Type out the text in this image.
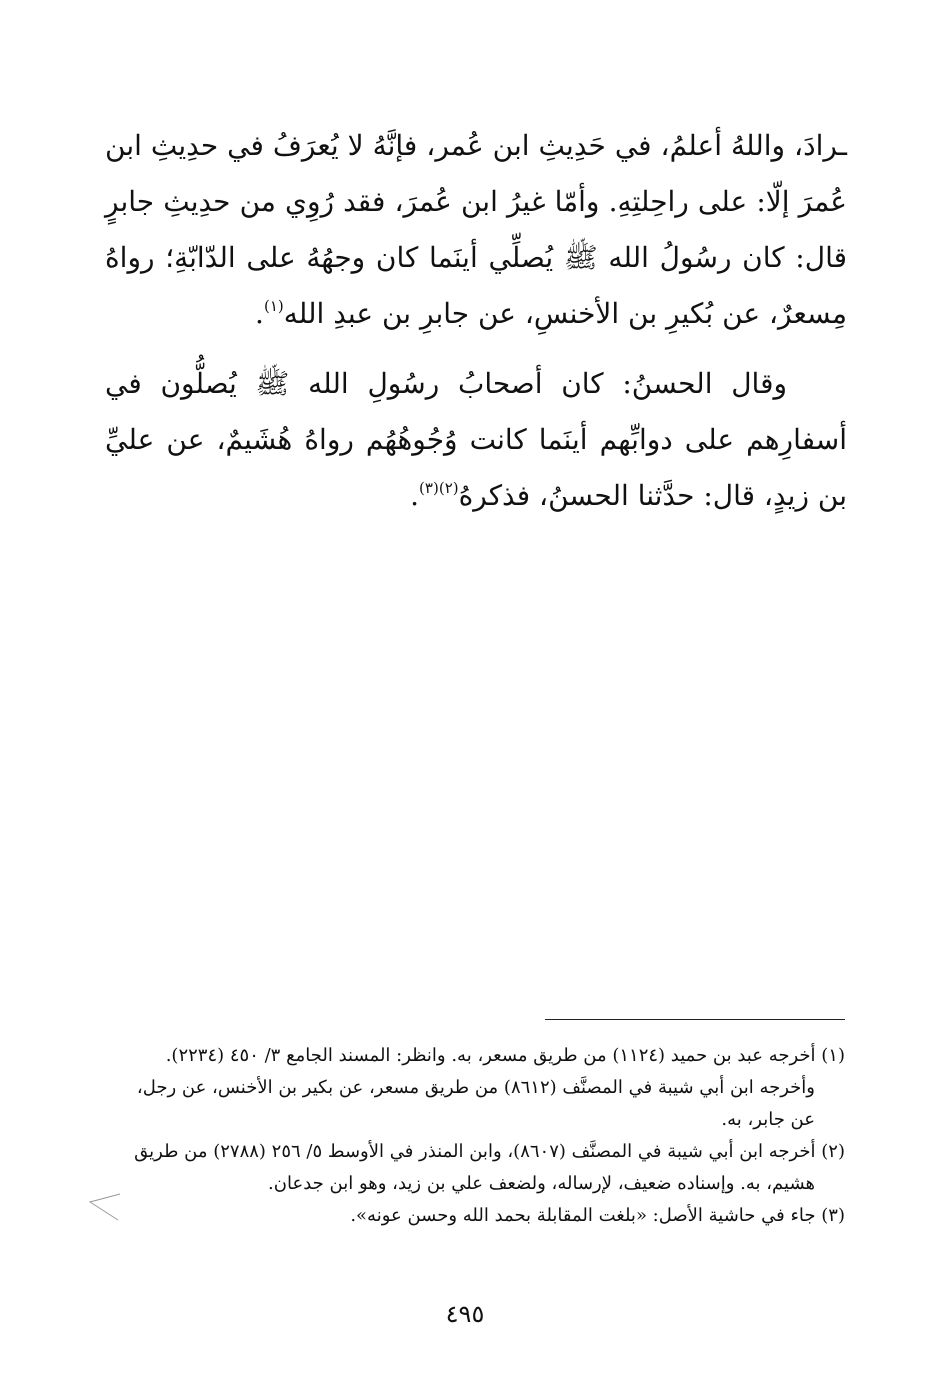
ـرادَ، واللهُ أعلمُ، في حَدِيثِ ابن عُمر، فإنَّهُ لا يُعرَفُ في حدِيثِ ابن عُمرَ إلّا: على راحِلتِهِ. وأمّا غيرُ ابن عُمرَ، فقد رُوِي من حدِيثِ جابرٍ قال: كان رسُولُ الله ﷺ يُصلِّي أينَما كان وجهُهُ على الدّابّةِ؛ رواهُ مِسعرٌ، عن بُكيرِ بن الأخنسِ، عن جابرِ بن عبدِ الله$^{(١)}$.

وقال الحسنُ: كان أصحابُ رسُولِ الله ﷺ يُصلُّون في أسفارِهم على دوابِّهم أينَما كانت وُجُوهُهُم رواهُ هُشَيمٌ، عن عليِّ بن زيدٍ، قال: حدَّثنا الحسنُ، فذكرهُ$^{(٢)(٣)}$.

(١) أخرجه عبد بن حميد (١١٢٤) من طريق مسعر، به. وانظر: المسند الجامع ٣/ ٤٥٠ (٢٢٣٤).

وأخرجه ابن أبي شيبة في المصنَّف (٨٦١٢) من طريق مسعر، عن بكير بن الأخنس، عن رجل،

عن جابر، به.

(٢) أخرجه ابن أبي شيبة في المصنَّف (٨٦٠٧)، وابن المنذر في الأوسط ٥/ ٢٥٦ (٢٧٨٨) من طريق

هشيم، به. وإسناده ضعيف، لإرساله، ولضعف علي بن زيد، وهو ابن جدعان.

(٣) جاء في حاشية الأصل: «بلغت المقابلة بحمد الله وحسن عونه».

٤٩٥
